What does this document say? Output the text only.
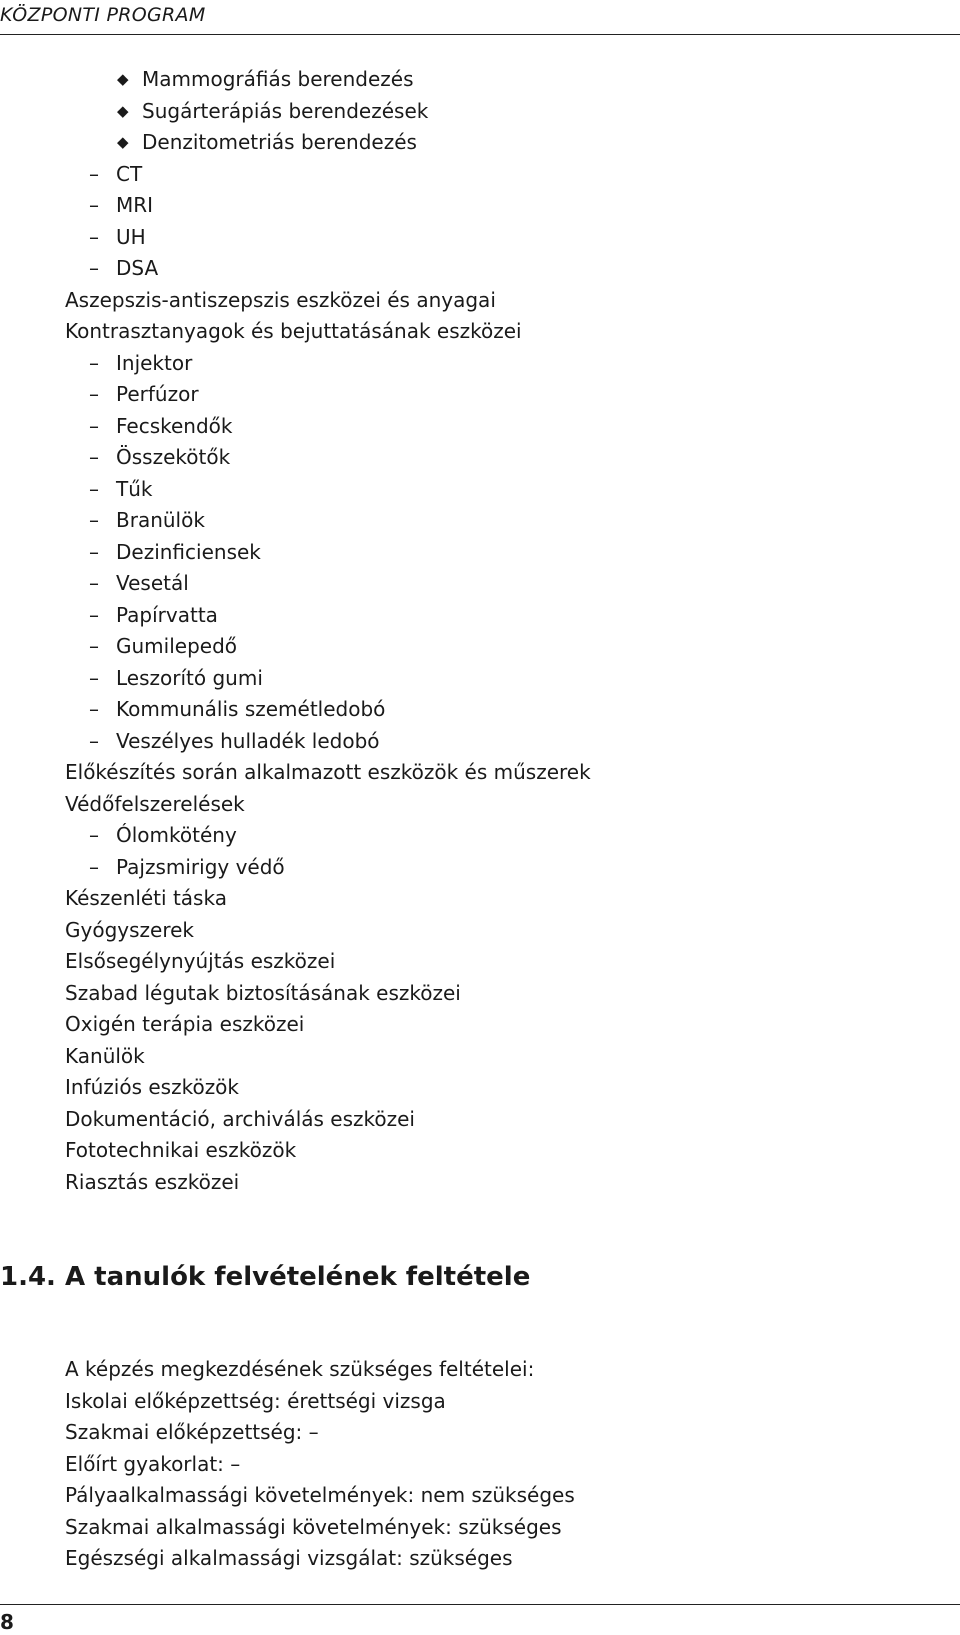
KÖZPONTI PROGRAM
◆ Mammográfiás berendezés
◆ Sugárterápiás berendezések
◆ Denzitometriás berendezés
– CT
– MRI
– UH
– DSA
Aszepszis-antiszepszis eszközei és anyagai
Kontrasztanyagok és bejuttatásának eszközei
– Injektor
– Perfúzor
– Fecskendők
– Összekötők
– Tűk
– Branülök
– Dezinficiensek
– Vesetál
– Papírvatta
– Gumilepedő
– Leszorító gumi
– Kommunális szemétledobó
– Veszélyes hulladék ledobó
Előkészítés során alkalmazott eszközök és műszerek
Védőfelszerelések
– Ólomkötény
– Pajzsmirigy védő
Készenléti táska
Gyógyszerek
Elsősegélynyújtás eszközei
Szabad légutak biztosításának eszközei
Oxigén terápia eszközei
Kanülök
Infúziós eszközök
Dokumentáció, archiválás eszközei
Fototechnikai eszközök
Riasztás eszközei
1.4. A tanulók felvételének feltétele
A képzés megkezdésének szükséges feltételei:
Iskolai előképzettség: érettségi vizsga
Szakmai előképzettség: –
Előírt gyakorlat: –
Pályaalkalmassági követelmények: nem szükséges
Szakmai alkalmassági követelmények: szükséges
Egészségi alkalmassági vizsgálat: szükséges
8
